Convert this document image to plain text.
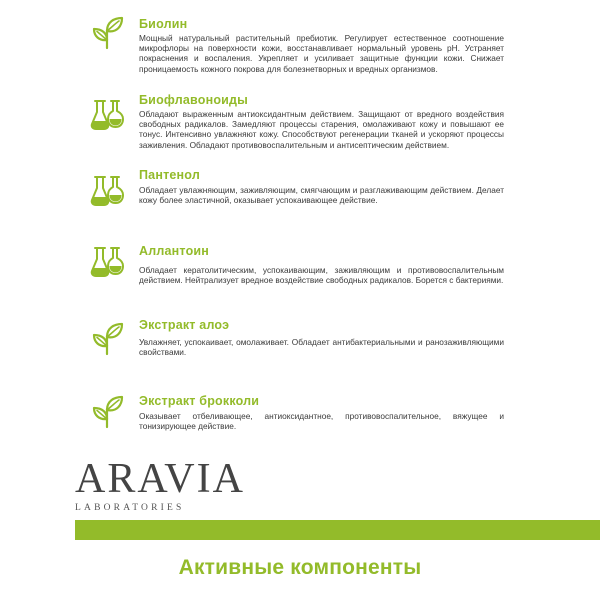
Биолин
Мощный натуральный растительный пребиотик. Регулирует естественное соотношение микрофлоры на поверхности кожи, восстанавливает нормальный уровень pH. Устраняет покраснения и воспаления. Укрепляет и усиливает защитные функции кожи. Снижает проницаемость кожного покрова для болезнетворных и вредных организмов.
Биофлавоноиды
Обладают выраженным антиоксидантным действием. Защищают от вредного воздействия свободных радикалов. Замедляют процессы старения, омолаживают кожу и повышают ее тонус. Интенсивно увлажняют кожу. Способствуют регенерации тканей и ускоряют процессы заживления. Обладают противовоспалительным и антисептическим действием.
Пантенол
Обладает увлажняющим, заживляющим, смягчающим и разглаживающим действием. Делает кожу более эластичной, оказывает успокаивающее действие.
Аллантоин
Обладает кератолитическим, успокаивающим, заживляющим и противовоспалительным действием. Нейтрализует вредное воздействие свободных радикалов. Борется с бактериями.
Экстракт алоэ
Увлажняет, успокаивает, омолаживает. Обладает антибактериальными и ранозаживляющими свойствами.
Экстракт брокколи
Оказывает отбеливающее, антиоксидантное, противовоспалительное, вяжущее и тонизирующее действие.
ARAVIA
LABORATORIES
Активные компоненты
